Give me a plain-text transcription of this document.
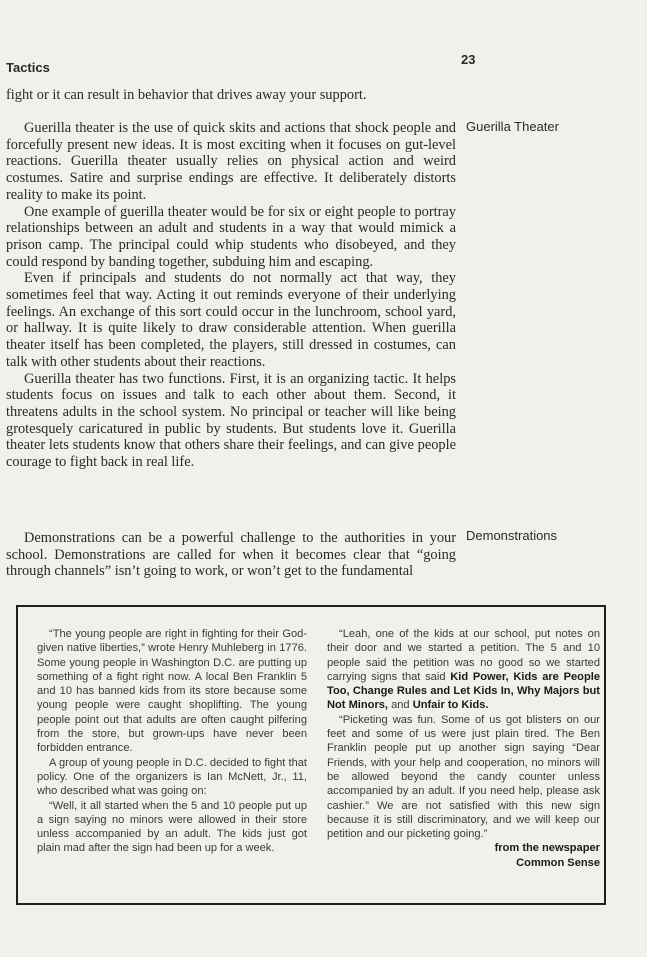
Tactics
23
Guerilla Theater
Demonstrations

fight or it can result in behavior that drives away your support.

Guerilla theater is the use of quick skits and actions that shock people and forcefully present new ideas. It is most exciting when it focuses on gut-level reactions. Guerilla theater usually relies on physical action and weird costumes. Satire and surprise endings are effective. It deliberately distorts reality to make its point.

One example of guerilla theater would be for six or eight people to portray relationships between an adult and students in a way that would mimick a prison camp. The principal could whip students who disobeyed, and they could respond by banding together, subduing him and escaping.

Even if principals and students do not normally act that way, they sometimes feel that way. Acting it out reminds everyone of their underlying feelings. An exchange of this sort could occur in the lunchroom, school yard, or hallway. It is quite likely to draw considerable attention. When guerilla theater itself has been completed, the players, still dressed in costumes, can talk with other students about their reactions.

Guerilla theater has two functions. First, it is an organizing tactic. It helps students focus on issues and talk to each other about them. Second, it threatens adults in the school system. No principal or teacher will like being grotesquely caricatured in public by students. But students love it. Guerilla theater lets students know that others share their feelings, and can give people courage to fight back in real life.

Demonstrations can be a powerful challenge to the authorities in your school. Demonstrations are called for when it becomes clear that “going through channels” isn’t going to work, or won’t get to the fundamental

“The young people are right in fighting for their God-given native liberties,” wrote Henry Muhleberg in 1776. Some young people in Washington D.C. are putting up something of a fight right now. A local Ben Franklin 5 and 10 has banned kids from its store because some young people were caught shoplifting. The young people point out that adults are often caught pilfering from the store, but grown-ups have never been forbidden entrance.

A group of young people in D.C. decided to fight that policy. One of the organizers is Ian McNett, Jr., 11, who described what was going on:

“Well, it all started when the 5 and 10 people put up a sign saying no minors were allowed in their store unless accompanied by an adult. The kids just got plain mad after the sign had been up for a week.

“Leah, one of the kids at our school, put notes on their door and we started a petition. The 5 and 10 people said the petition was no good so we started carrying signs that said Kid Power, Kids are People Too, Change Rules and Let Kids In, Why Majors but Not Minors, and Unfair to Kids.

“Picketing was fun. Some of us got blisters on our feet and some of us were just plain tired. The Ben Franklin people put up another sign saying “Dear Friends, with your help and cooperation, no minors will be allowed beyond the candy counter unless accompanied by an adult. If you need help, please ask cashier.” We are not satisfied with this new sign because it is still discriminatory, and we will keep our petition and our picketing going.”

from the newspaper
Common Sense
